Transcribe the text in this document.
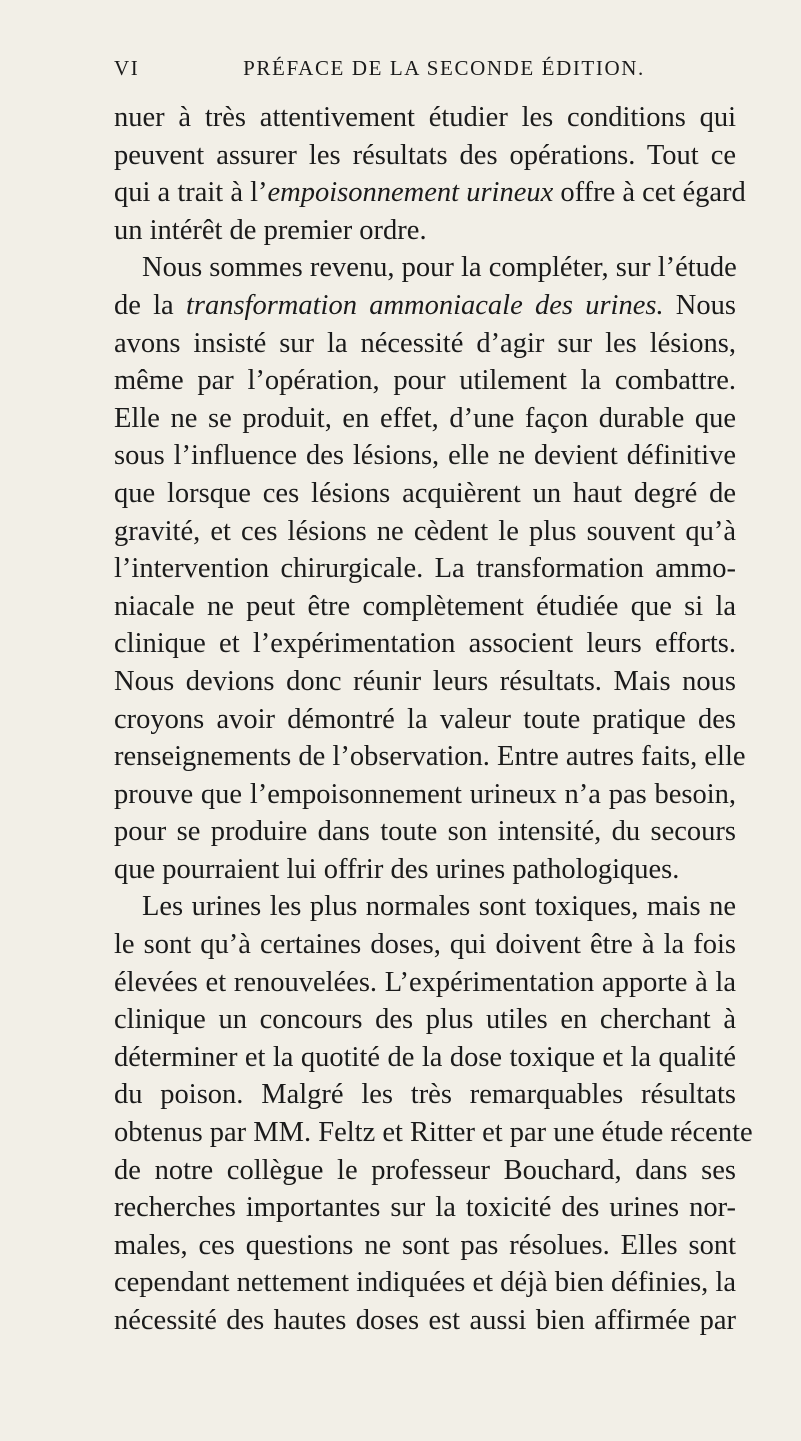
VI	PRÉFACE DE LA SECONDE ÉDITION.
nuer à très attentivement étudier les conditions qui
peuvent assurer les résultats des opérations. Tout ce
qui a trait à l’empoisonnement urineux offre à cet égard
un intérêt de premier ordre.
Nous sommes revenu, pour la compléter, sur l’étude
de la transformation ammoniacale des urines. Nous
avons insisté sur la nécessité d’agir sur les lésions,
même par l’opération, pour utilement la combattre.
Elle ne se produit, en effet, d’une façon durable que
sous l’influence des lésions, elle ne devient définitive
que lorsque ces lésions acquièrent un haut degré de
gravité, et ces lésions ne cèdent le plus souvent qu’à
l’intervention chirurgicale. La transformation ammo-
niacale ne peut être complètement étudiée que si la
clinique et l’expérimentation associent leurs efforts.
Nous devions donc réunir leurs résultats. Mais nous
croyons avoir démontré la valeur toute pratique des
renseignements de l’observation. Entre autres faits, elle
prouve que l’empoisonnement urineux n’a pas besoin,
pour se produire dans toute son intensité, du secours
que pourraient lui offrir des urines pathologiques.
Les urines les plus normales sont toxiques, mais ne
le sont qu’à certaines doses, qui doivent être à la fois
élevées et renouvelées. L’expérimentation apporte à la
clinique un concours des plus utiles en cherchant à
déterminer et la quotité de la dose toxique et la qualité
du poison. Malgré les très remarquables résultats
obtenus par MM. Feltz et Ritter et par une étude récente
de notre collègue le professeur Bouchard, dans ses
recherches importantes sur la toxicité des urines nor-
males, ces questions ne sont pas résolues. Elles sont
cependant nettement indiquées et déjà bien définies, la
nécessité des hautes doses est aussi bien affirmée par
